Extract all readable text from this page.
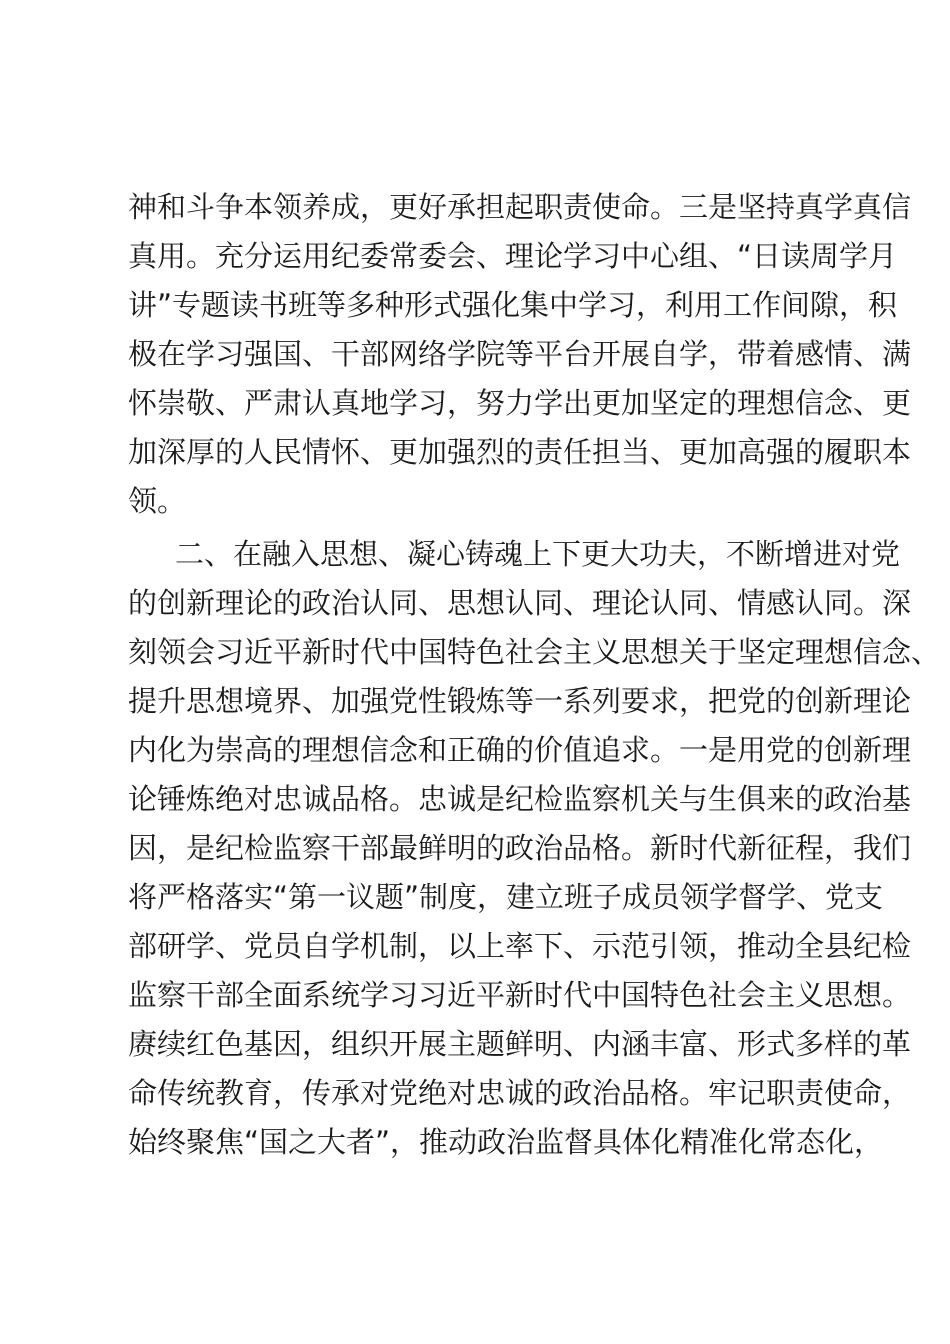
神和斗争本领养成，更好承担起职责使命。三是坚持真学真信
真用。充分运用纪委常委会、理论学习中心组、“日读周学月
讲”专题读书班等多种形式强化集中学习，利用工作间隙，积
极在学习强国、干部网络学院等平台开展自学，带着感情、满
怀崇敬、严肃认真地学习，努力学出更加坚定的理想信念、更
加深厚的人民情怀、更加强烈的责任担当、更加高强的履职本
领。
二、在融入思想、凝心铸魂上下更大功夫，不断增进对党
的创新理论的政治认同、思想认同、理论认同、情感认同。深
刻领会习近平新时代中国特色社会主义思想关于坚定理想信念、
提升思想境界、加强党性锻炼等一系列要求，把党的创新理论
内化为崇高的理想信念和正确的价值追求。一是用党的创新理
论锤炼绝对忠诚品格。忠诚是纪检监察机关与生俱来的政治基
因，是纪检监察干部最鲜明的政治品格。新时代新征程，我们
将严格落实“第一议题”制度，建立班子成员领学督学、党支
部研学、党员自学机制，以上率下、示范引领，推动全县纪检
监察干部全面系统学习习近平新时代中国特色社会主义思想。
赓续红色基因，组织开展主题鲜明、内涵丰富、形式多样的革
命传统教育，传承对党绝对忠诚的政治品格。牢记职责使命，
始终聚焦“国之大者”，推动政治监督具体化精准化常态化，
